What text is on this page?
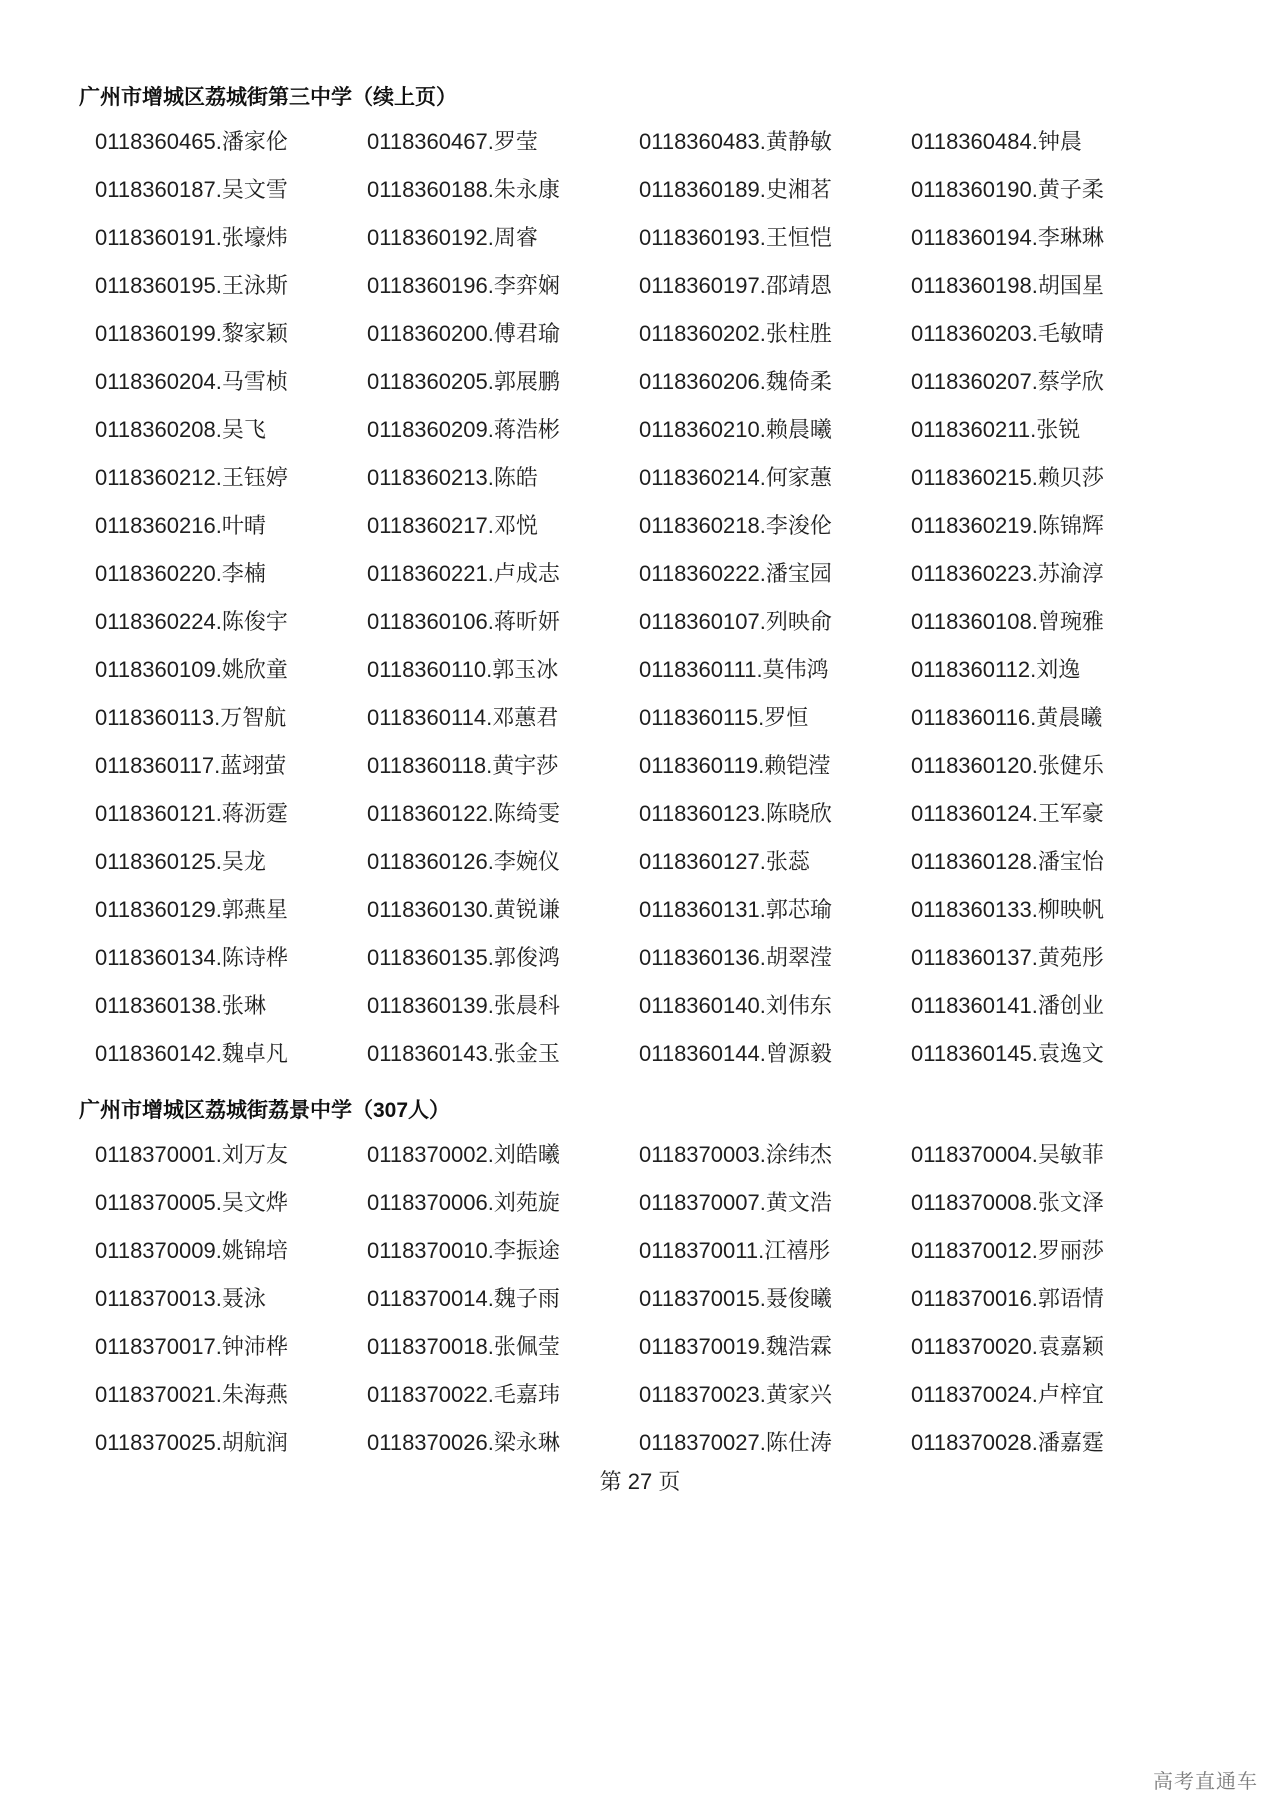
广州市增城区荔城街第三中学（续上页）
0118360465.潘家伦	0118360467.罗莹	0118360483.黄静敏	0118360484.钟晨
0118360187.吴文雪	0118360188.朱永康	0118360189.史湘茗	0118360190.黄子柔
0118360191.张壕炜	0118360192.周睿	0118360193.王恒恺	0118360194.李琳琳
0118360195.王泳斯	0118360196.李弈娴	0118360197.邵靖恩	0118360198.胡国星
0118360199.黎家颖	0118360200.傅君瑜	0118360202.张柱胜	0118360203.毛敏晴
0118360204.马雪桢	0118360205.郭展鹏	0118360206.魏倚柔	0118360207.蔡学欣
0118360208.吴飞	0118360209.蒋浩彬	0118360210.赖晨曦	0118360211.张锐
0118360212.王钰婷	0118360213.陈皓	0118360214.何家蕙	0118360215.赖贝莎
0118360216.叶晴	0118360217.邓悦	0118360218.李浚伦	0118360219.陈锦辉
0118360220.李楠	0118360221.卢成志	0118360222.潘宝园	0118360223.苏渝淳
0118360224.陈俊宇	0118360106.蒋昕妍	0118360107.列映俞	0118360108.曾琬雅
0118360109.姚欣童	0118360110.郭玉冰	0118360111.莫伟鸿	0118360112.刘逸
0118360113.万智航	0118360114.邓蕙君	0118360115.罗恒	0118360116.黄晨曦
0118360117.蓝翊萤	0118360118.黄宇莎	0118360119.赖铠滢	0118360120.张健乐
0118360121.蒋沥霆	0118360122.陈绮雯	0118360123.陈晓欣	0118360124.王军豪
0118360125.吴龙	0118360126.李婉仪	0118360127.张蕊	0118360128.潘宝怡
0118360129.郭燕星	0118360130.黄锐谦	0118360131.郭芯瑜	0118360133.柳映帆
0118360134.陈诗桦	0118360135.郭俊鸿	0118360136.胡翠滢	0118360137.黄苑彤
0118360138.张琳	0118360139.张晨科	0118360140.刘伟东	0118360141.潘创业
0118360142.魏卓凡	0118360143.张金玉	0118360144.曾源毅	0118360145.袁逸文
广州市增城区荔城街荔景中学（307人）
0118370001.刘万友	0118370002.刘皓曦	0118370003.涂纬杰	0118370004.吴敏菲
0118370005.吴文烨	0118370006.刘苑旋	0118370007.黄文浩	0118370008.张文泽
0118370009.姚锦培	0118370010.李振途	0118370011.江禧彤	0118370012.罗丽莎
0118370013.聂泳	0118370014.魏子雨	0118370015.聂俊曦	0118370016.郭语情
0118370017.钟沛桦	0118370018.张佩莹	0118370019.魏浩霖	0118370020.袁嘉颖
0118370021.朱海燕	0118370022.毛嘉玮	0118370023.黄家兴	0118370024.卢梓宜
0118370025.胡航润	0118370026.梁永琳	0118370027.陈仕涛	0118370028.潘嘉霆
第 27 页
高考直通车
